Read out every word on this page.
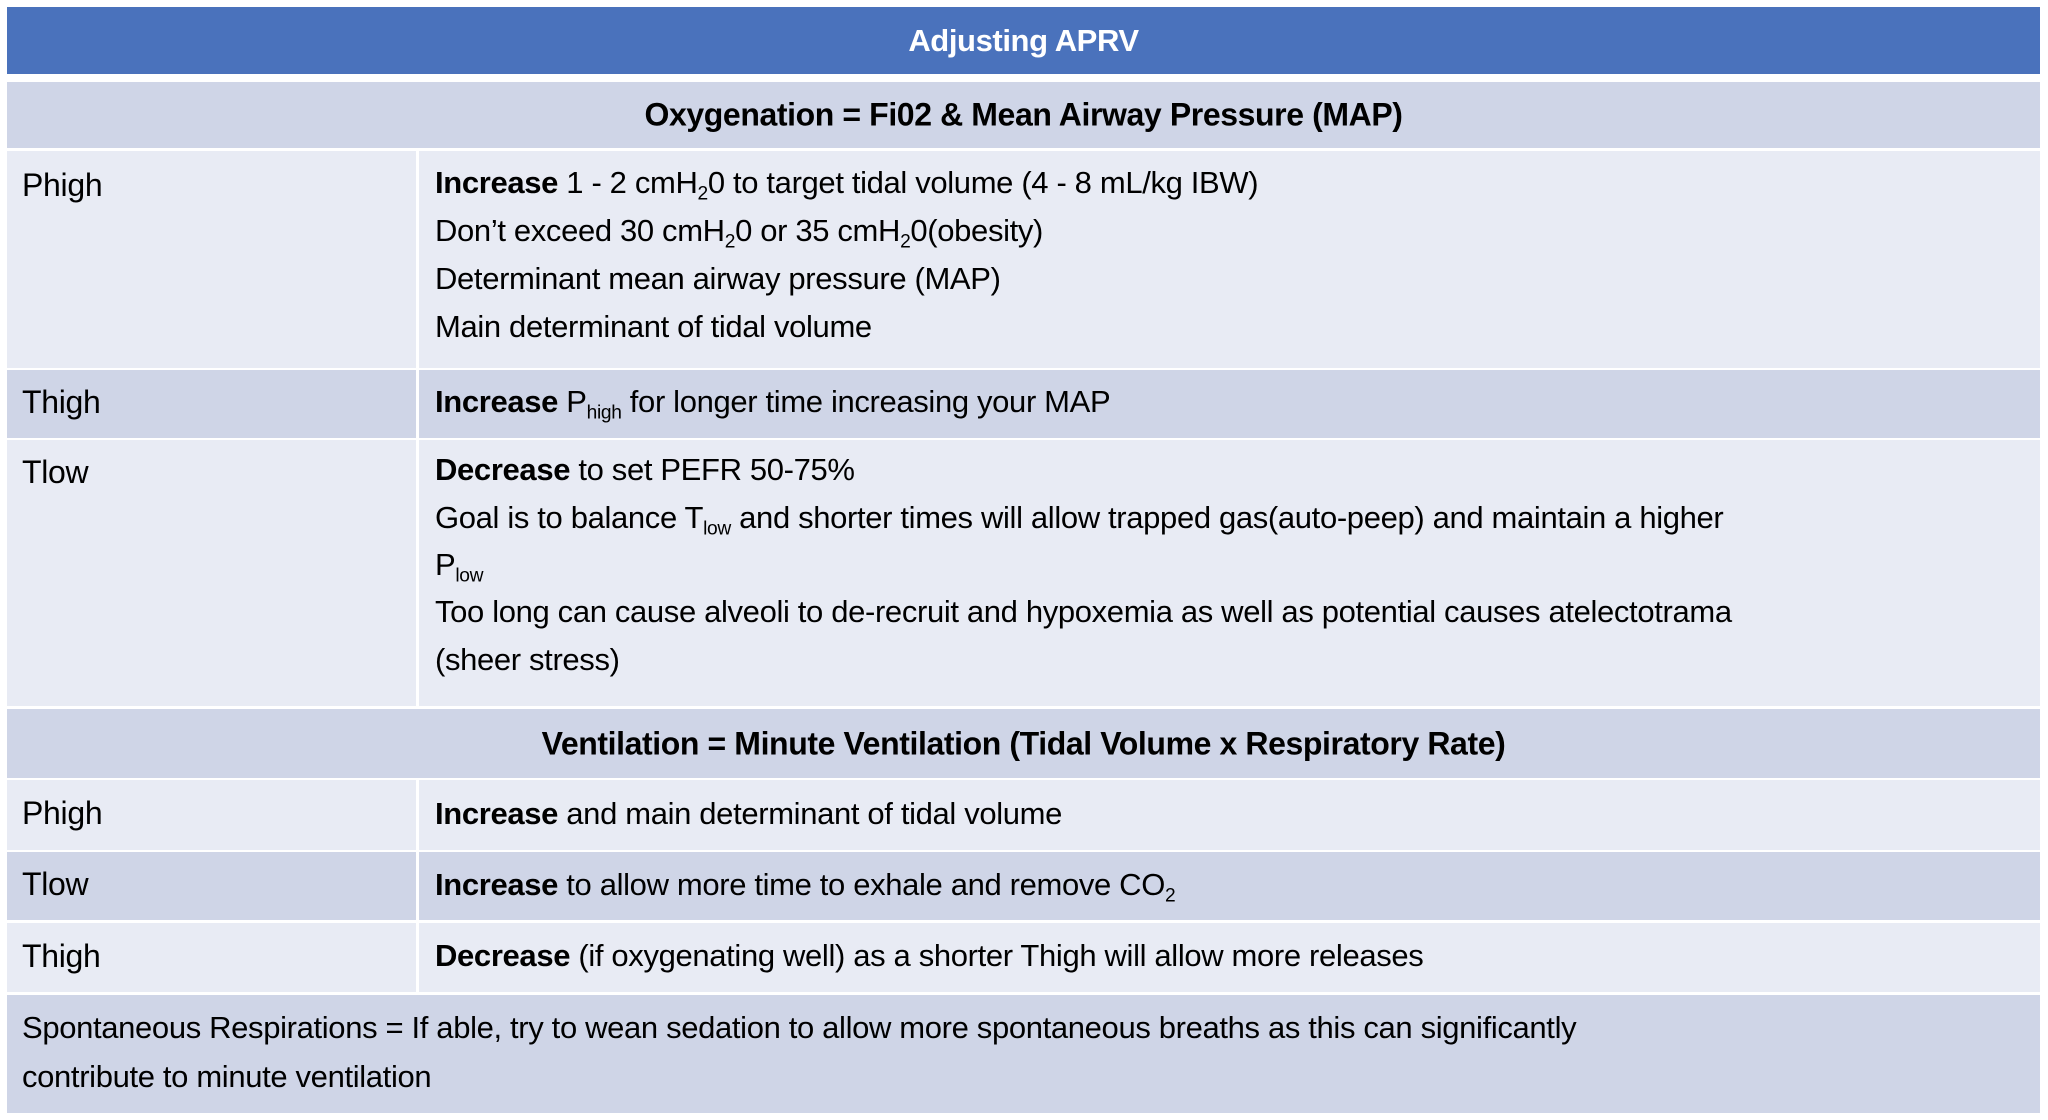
Adjusting APRV
Oxygenation = Fi02 & Mean Airway Pressure (MAP)
Phigh	Increase 1 - 2 cmH$_2$0 to target tidal volume (4 - 8 mL/kg IBW)
Don’t exceed 30 cmH$_2$0 or 35 cmH$_2$0(obesity)
Determinant mean airway pressure (MAP)
Main determinant of tidal volume
Thigh	Increase $P_{high}$ for longer time increasing your MAP
Tlow	Decrease to set PEFR 50-75%
Goal is to balance $T_{low}$ and shorter times will allow trapped gas(auto-peep) and maintain a higher
$P_{low}$
Too long can cause alveoli to de-recruit and hypoxemia as well as potential causes atelectotrama
(sheer stress)
Ventilation = Minute Ventilation (Tidal Volume x Respiratory Rate)
Phigh	Increase and main determinant of tidal volume
Tlow	Increase to allow more time to exhale and remove $CO_2$
Thigh	Decrease (if oxygenating well) as a shorter Thigh will allow more releases
Spontaneous Respirations = If able, try to wean sedation to allow more spontaneous breaths as this can significantly
contribute to minute ventilation
